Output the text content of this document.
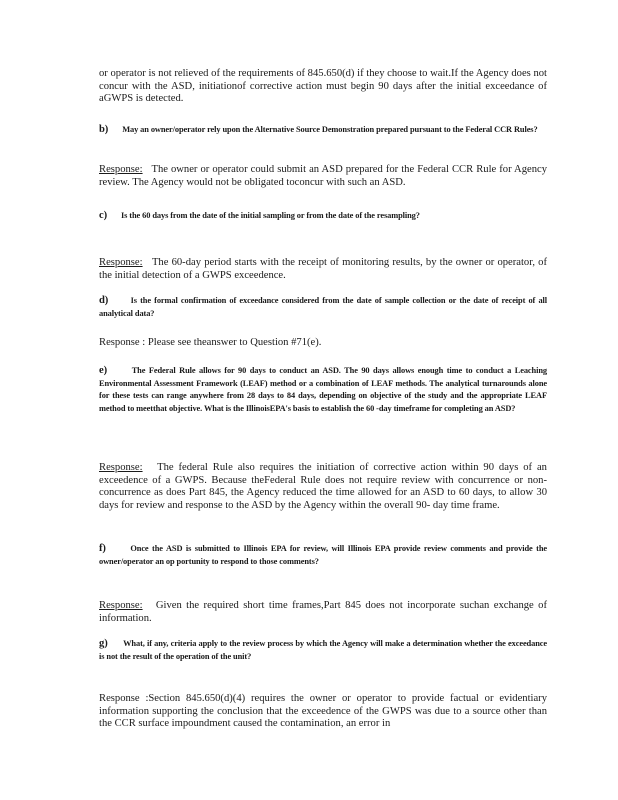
or operator is not relieved of the requirements of 845.650(d) if they choose to wait.If the Agency does not concur with the ASD, initiationof corrective action must begin 90 days after the initial exceedance of aGWPS is detected.

b) May an owner/operator rely upon the Alternative Source Demonstration prepared pursuant to the Federal CCR Rules?

Response: The owner or operator could submit an ASD prepared for the Federal CCR Rule for Agency review. The Agency would not be obligated toconcur with such an ASD.

c) Is the 60 days from the date of the initial sampling or from the date of the resampling?

Response: The 60-day period starts with the receipt of monitoring results, by the owner or operator, of the initial detection of a GWPS exceedence.

d)	Is the formal confirmation of exceedance considered from the date of sample collection or the date of receipt of all analytical data?

Response : Please see theanswer to Question #71(e).

e)	The Federal Rule allows for 90 days to conduct an ASD. The 90 days allows enough time to conduct a Leaching Environmental Assessment Framework (LEAF) method or a combination of LEAF methods. The analytical turnarounds alone for these tests can range anywhere from 28 days to 84 days, depending on objective of the study and the appropriate LEAF method to meetthat objective. What is the IllinoisEPA's basis to establish the 60 -day timeframe for completing an ASD?

Response: The federal Rule also requires the initiation of corrective action within 90 days of an exceedence of a GWPS. Because theFederal Rule does not require review with concurrence or non-concurrence as does Part 845, the Agency reduced the time allowed for an ASD to 60 days, to allow 30 days for review and response to the ASD by the Agency within the overall 90- day time frame.

f)	Once the ASD is submitted to Illinois EPA for review, will Illinois EPA provide review comments and provide the owner/operator an op portunity to respond to those comments?

Response: Given the required short time frames,Part 845 does not incorporate suchan exchange of information.

g) What, if any, criteria apply to the review process by which the Agency will make a determination whether the exceedance is not the result of the operation of the unit?

Response :Section 845.650(d)(4) requires the owner or operator to provide factual or evidentiary information supporting the conclusion that the exceedence of the GWPS was due to a source other than the CCR surface impoundment caused the contamination, an error in
